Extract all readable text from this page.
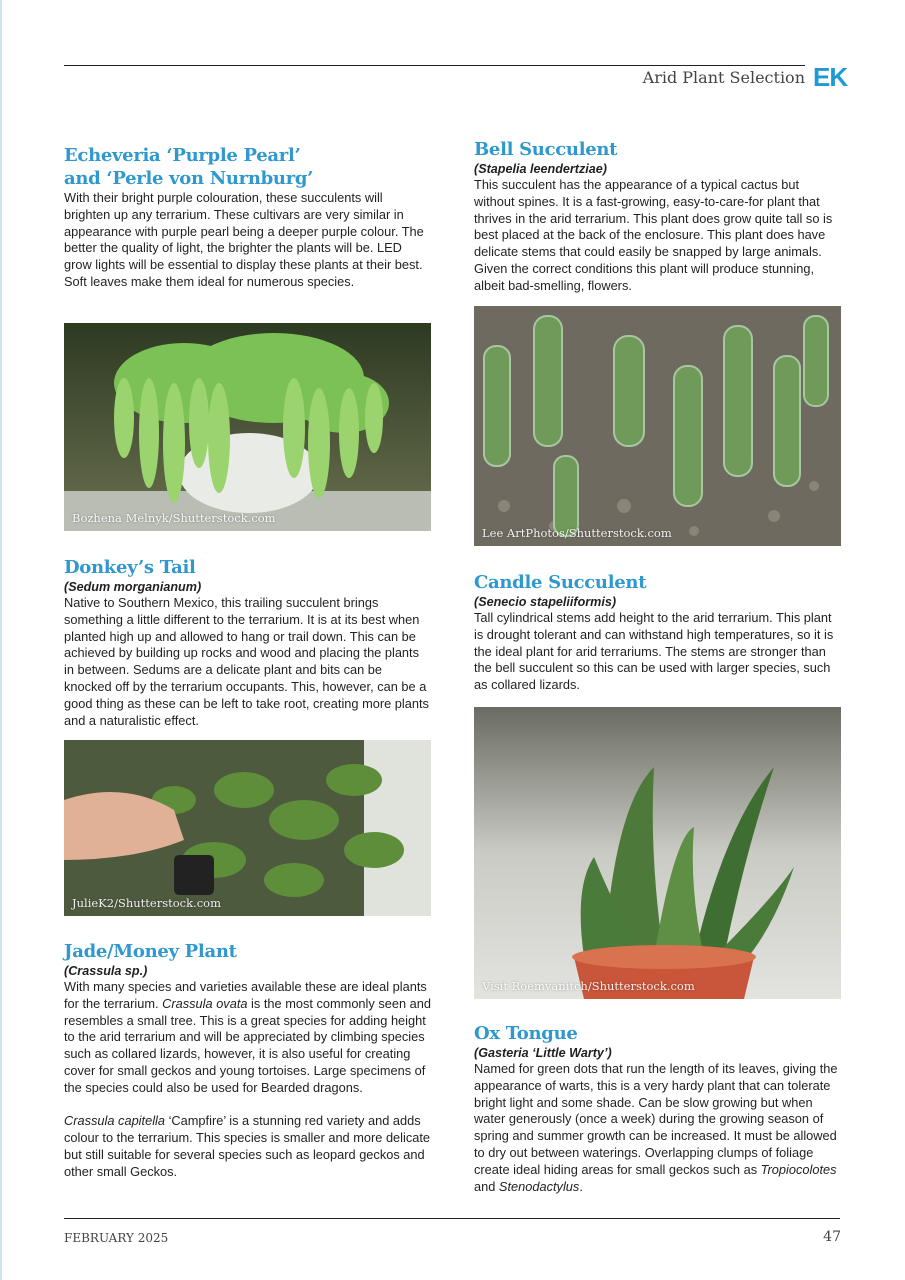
Arid Plant Selection EK
Echeveria ‘Purple Pearl’
and ‘Perle von Nurnburg’

With their bright purple colouration, these succulents will brighten up any terrarium. These cultivars are very similar in appearance with purple pearl being a deeper purple colour. The better the quality of light, the brighter the plants will be. LED grow lights will be essential to display these plants at their best. Soft leaves make them ideal for numerous species.

Bozhena Melnyk/Shutterstock.com
Donkey’s Tail

(Sedum morganianum)

Native to Southern Mexico, this trailing succulent brings something a little different to the terrarium. It is at its best when planted high up and allowed to hang or trail down. This can be achieved by building up rocks and wood and placing the plants in between. Sedums are a delicate plant and bits can be knocked off by the terrarium occupants. This, however, can be a good thing as these can be left to take root, creating more plants and a naturalistic effect.

JulieK2/Shutterstock.com
Jade/Money Plant

(Crassula sp.)

With many species and varieties available these are ideal plants for the terrarium. Crassula ovata is the most commonly seen and resembles a small tree. This is a great species for adding height to the arid terrarium and will be appreciated by climbing species such as collared lizards, however, it is also useful for creating cover for small geckos and young tortoises. Large specimens of the species could also be used for Bearded dragons.

Crassula capitella ‘Campfire’ is a stunning red variety and adds colour to the terrarium. This species is smaller and more delicate but still suitable for several species such as leopard geckos and other small Geckos.

Bell Succulent

(Stapelia leendertziae)

This succulent has the appearance of a typical cactus but without spines. It is a fast-growing, easy-to-care-for plant that thrives in the arid terrarium. This plant does grow quite tall so is best placed at the back of the enclosure. This plant does have delicate stems that could easily be snapped by large animals. Given the correct conditions this plant will produce stunning, albeit bad-smelling, flowers.

Lee ArtPhotos/Shutterstock.com
Candle Succulent

(Senecio stapeliiformis)

Tall cylindrical stems add height to the arid terrarium. This plant is drought tolerant and can withstand high temperatures, so it is the ideal plant for arid terrariums. The stems are stronger than the bell succulent so this can be used with larger species, such as collared lizards.

Visit Roemvanitch/Shutterstock.com
Ox Tongue

(Gasteria ‘Little Warty’)

Named for green dots that run the length of its leaves, giving the appearance of warts, this is a very hardy plant that can tolerate bright light and some shade. Can be slow growing but when water generously (once a week) during the growing season of spring and summer growth can be increased. It must be allowed to dry out between waterings. Overlapping clumps of foliage create ideal hiding areas for small geckos such as Tropiocolotes and Stenodactylus.

FEBRUARY 2025	47
